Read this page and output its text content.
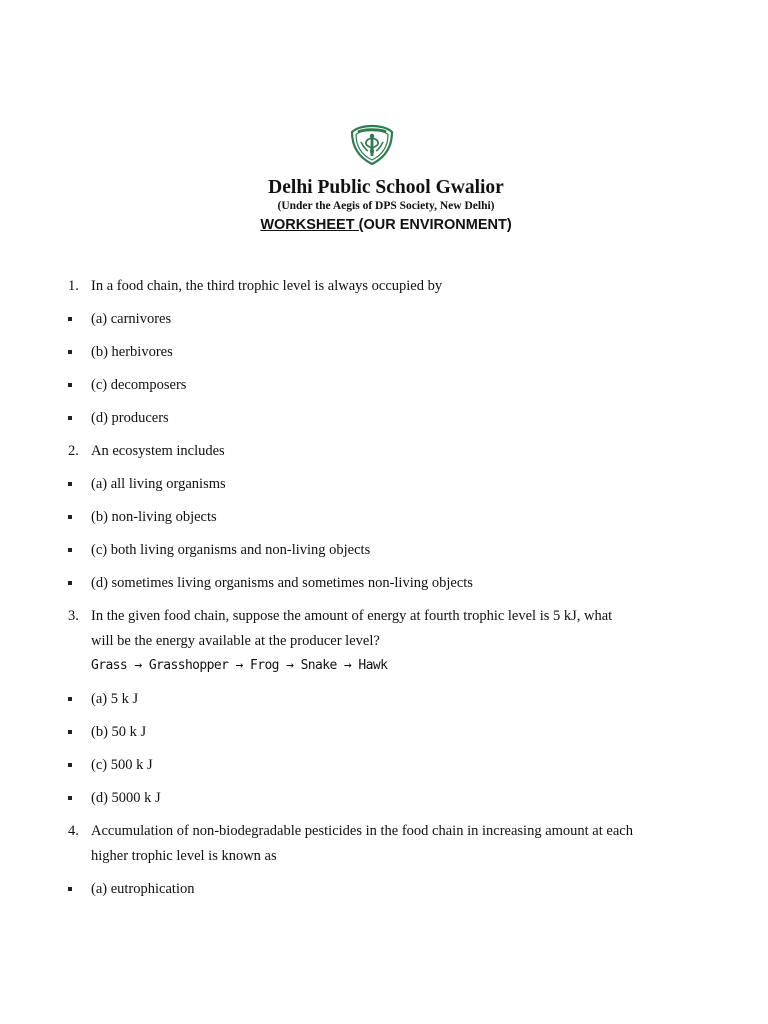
Delhi Public School Gwalior
(Under the Aegis of DPS Society, New Delhi)
WORKSHEET (OUR ENVIRONMENT)
1. In a food chain, the third trophic level is always occupied by
(a) carnivores
(b) herbivores
(c) decomposers
(d) producers
2. An ecosystem includes
(a) all living organisms
(b) non-living objects
(c) both living organisms and non-living objects
(d) sometimes living organisms and sometimes non-living objects
3. In the given food chain, suppose the amount of energy at fourth trophic level is 5 kJ, what
will be the energy available at the producer level?
Grass → Grasshopper → Frog → Snake → Hawk
(a) 5 k J
(b) 50 k J
(c) 500 k J
(d) 5000 k J
4. Accumulation of non-biodegradable pesticides in the food chain in increasing amount at each
higher trophic level is known as
(a) eutrophication
